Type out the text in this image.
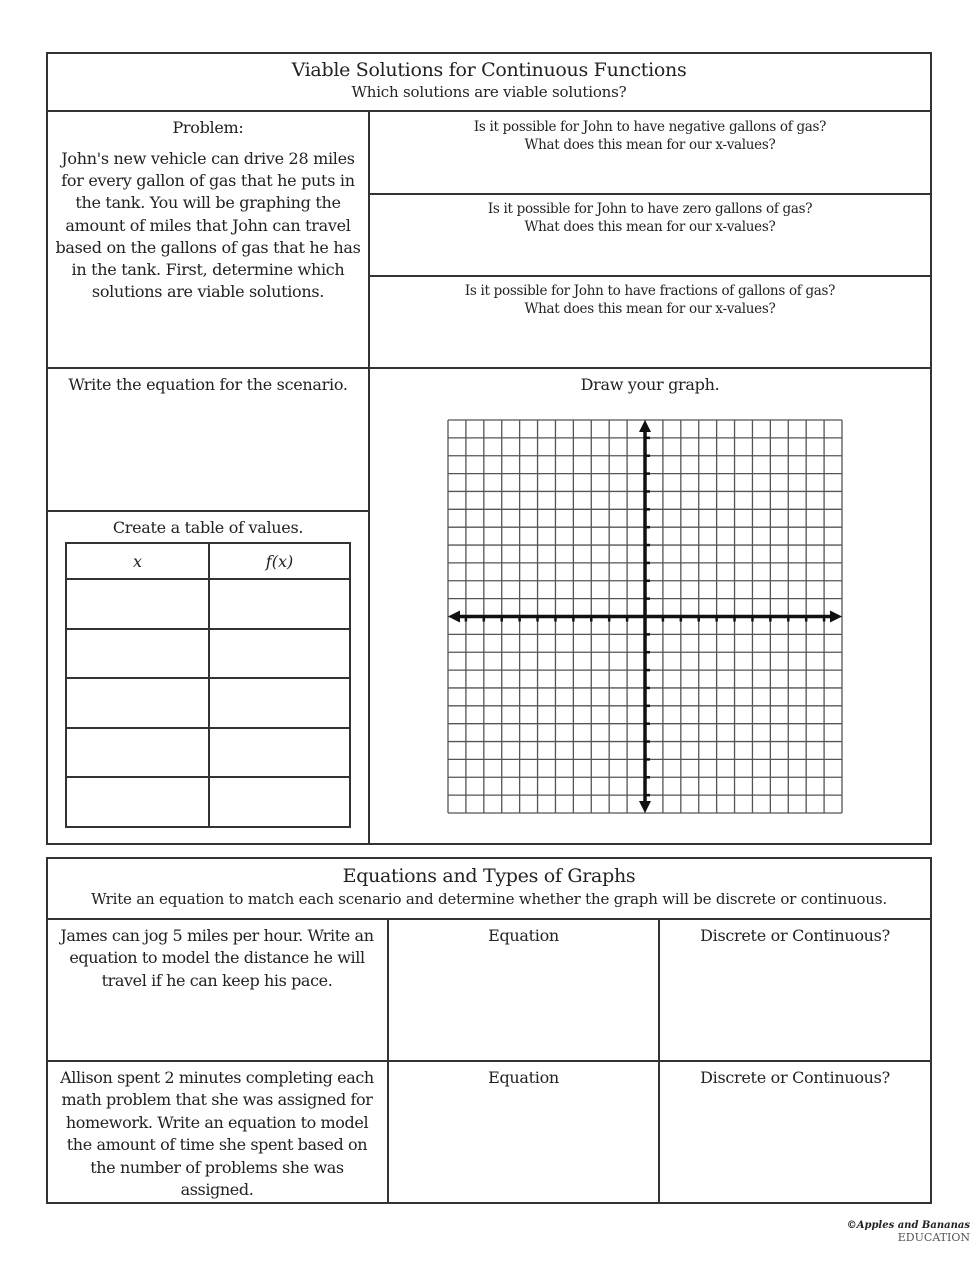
Viable Solutions for Continuous Functions
Which solutions are viable solutions?
Problem:
John's new vehicle can drive 28 miles for every gallon of gas that he puts in the tank. You will be graphing the amount of miles that John can travel based on the gallons of gas that he has in the tank. First, determine which solutions are viable solutions.
Is it possible for John to have negative gallons of gas?
What does this mean for our x-values?
Is it possible for John to have zero gallons of gas?
What does this mean for our x-values?
Is it possible for John to have fractions of gallons of gas?
What does this mean for our x-values?
Write the equation for the scenario.
Create a table of values.
x	f(x)

Draw your graph.
Equations and Types of Graphs
Write an equation to match each scenario and determine whether the graph will be discrete or continuous.
James can jog 5 miles per hour. Write an equation to model the distance he will travel if he can keep his pace.
Equation	Discrete or Continuous?
Allison spent 2 minutes completing each math problem that she was assigned for homework. Write an equation to model the amount of time she spent based on the number of problems she was assigned.
Equation	Discrete or Continuous?
©Apples and Bananas EDUCATION
